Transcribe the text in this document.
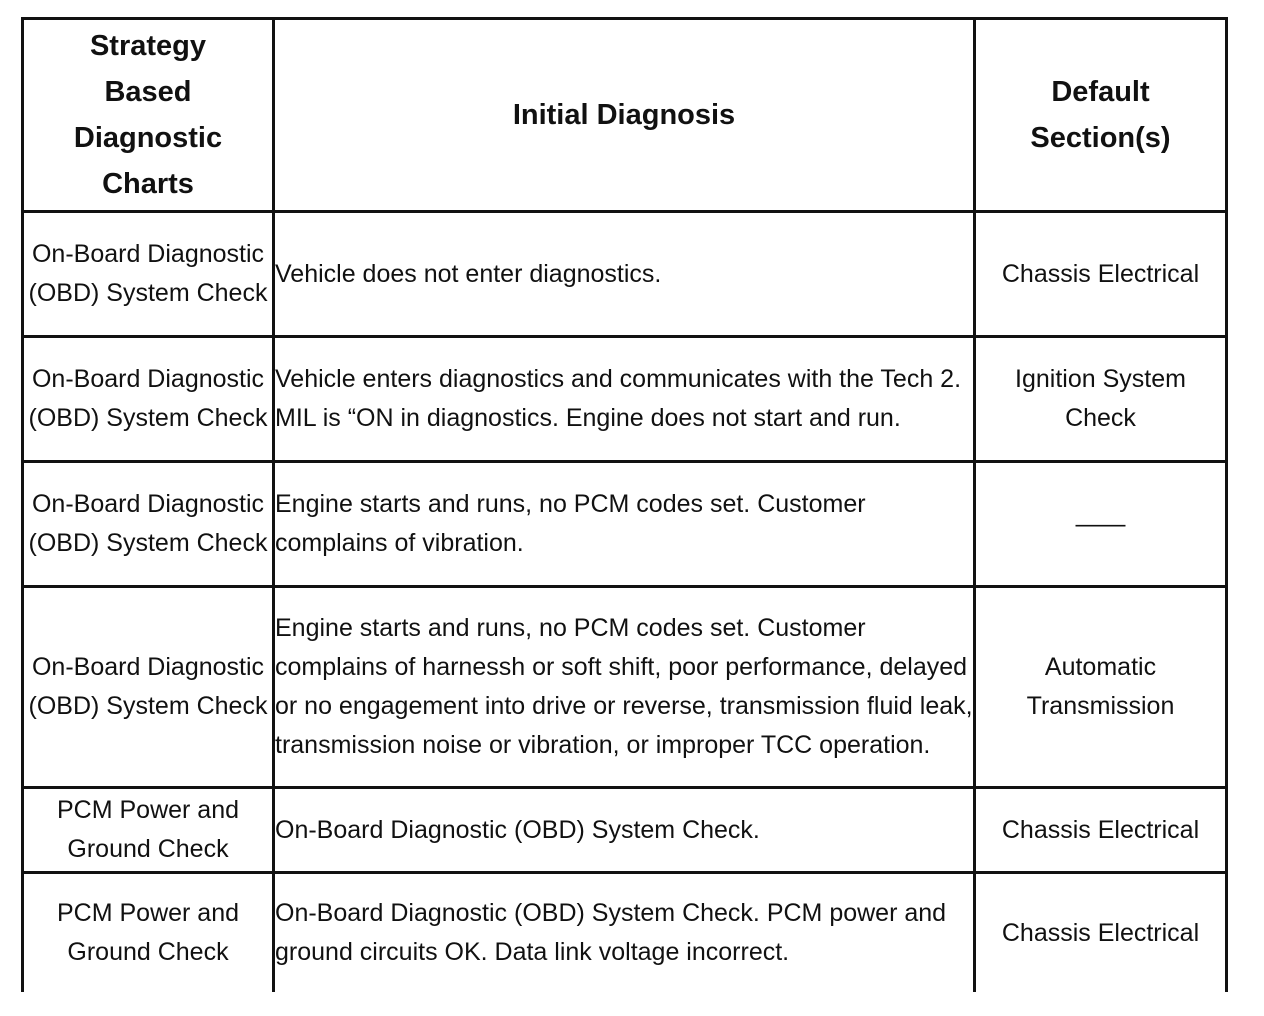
Strategy Based Diagnostic Charts	Initial Diagnosis	Default Section(s)

On-Board Diagnostic (OBD) System Check	Vehicle does not enter diagnostics.	Chassis Electrical

On-Board Diagnostic (OBD) System Check	Vehicle enters diagnostics and communicates with the Tech 2. MIL is “ON in diagnostics. Engine does not start and run.	Ignition System Check

On-Board Diagnostic (OBD) System Check	Engine starts and runs, no PCM codes set. Customer complains of vibration.	——

On-Board Diagnostic (OBD) System Check	Engine starts and runs, no PCM codes set. Customer complains of harnessh or soft shift, poor performance, delayed or no engagement into drive or reverse, transmission fluid leak, transmission noise or vibration, or improper TCC operation.	Automatic Transmission

PCM Power and Ground Check	On-Board Diagnostic (OBD) System Check.	Chassis Electrical

PCM Power and Ground Check	On-Board Diagnostic (OBD) System Check. PCM power and ground circuits OK. Data link voltage incorrect.	Chassis Electrical
